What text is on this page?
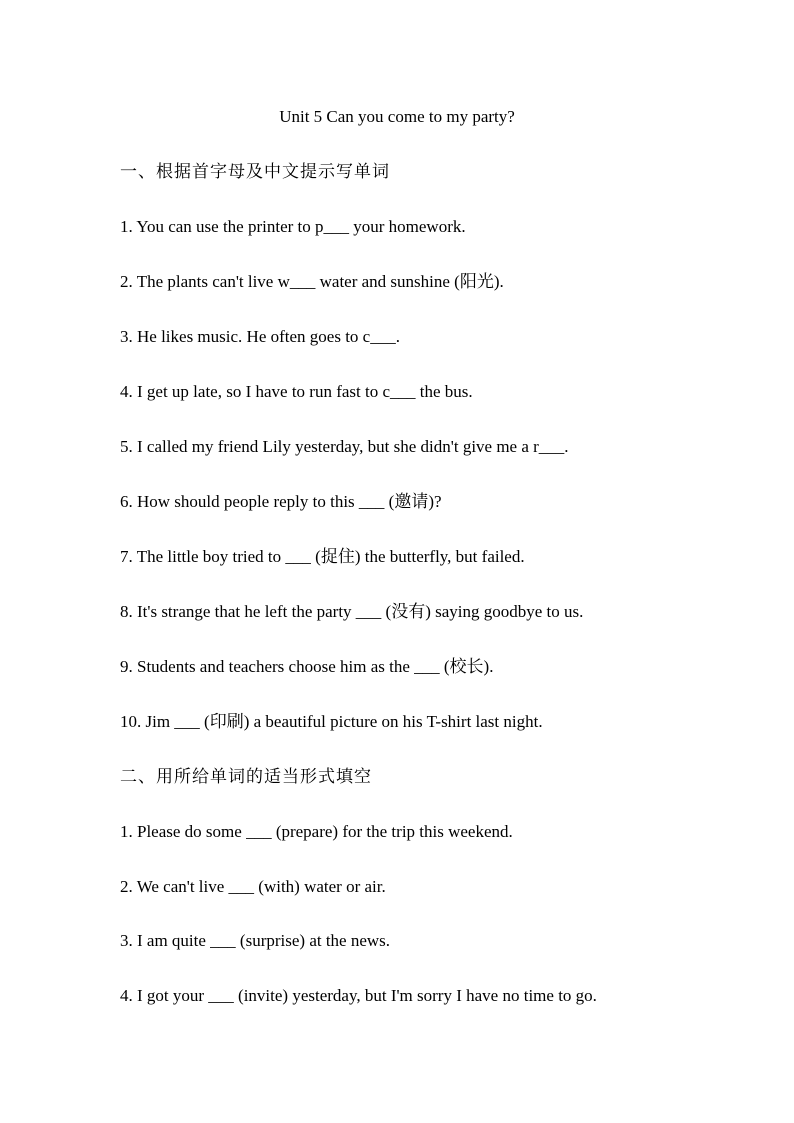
Unit 5 Can you come to my party?
一、根据首字母及中文提示写单词
1. You can use the printer to p___ your homework.
2. The plants can't live w___ water and sunshine (阳光).
3. He likes music. He often goes to c___.
4. I get up late, so I have to run fast to c___ the bus.
5. I called my friend Lily yesterday, but she didn't give me a r___.
6. How should people reply to this ___ (邀请)?
7. The little boy tried to ___ (捉住) the butterfly, but failed.
8. It's strange that he left the party ___ (没有) saying goodbye to us.
9. Students and teachers choose him as the ___ (校长).
10. Jim ___ (印刷) a beautiful picture on his T-shirt last night.
二、用所给单词的适当形式填空
1. Please do some ___ (prepare) for the trip this weekend.
2. We can't live ___ (with) water or air.
3. I am quite ___ (surprise) at the news.
4. I got your ___ (invite) yesterday, but I'm sorry I have no time to go.
